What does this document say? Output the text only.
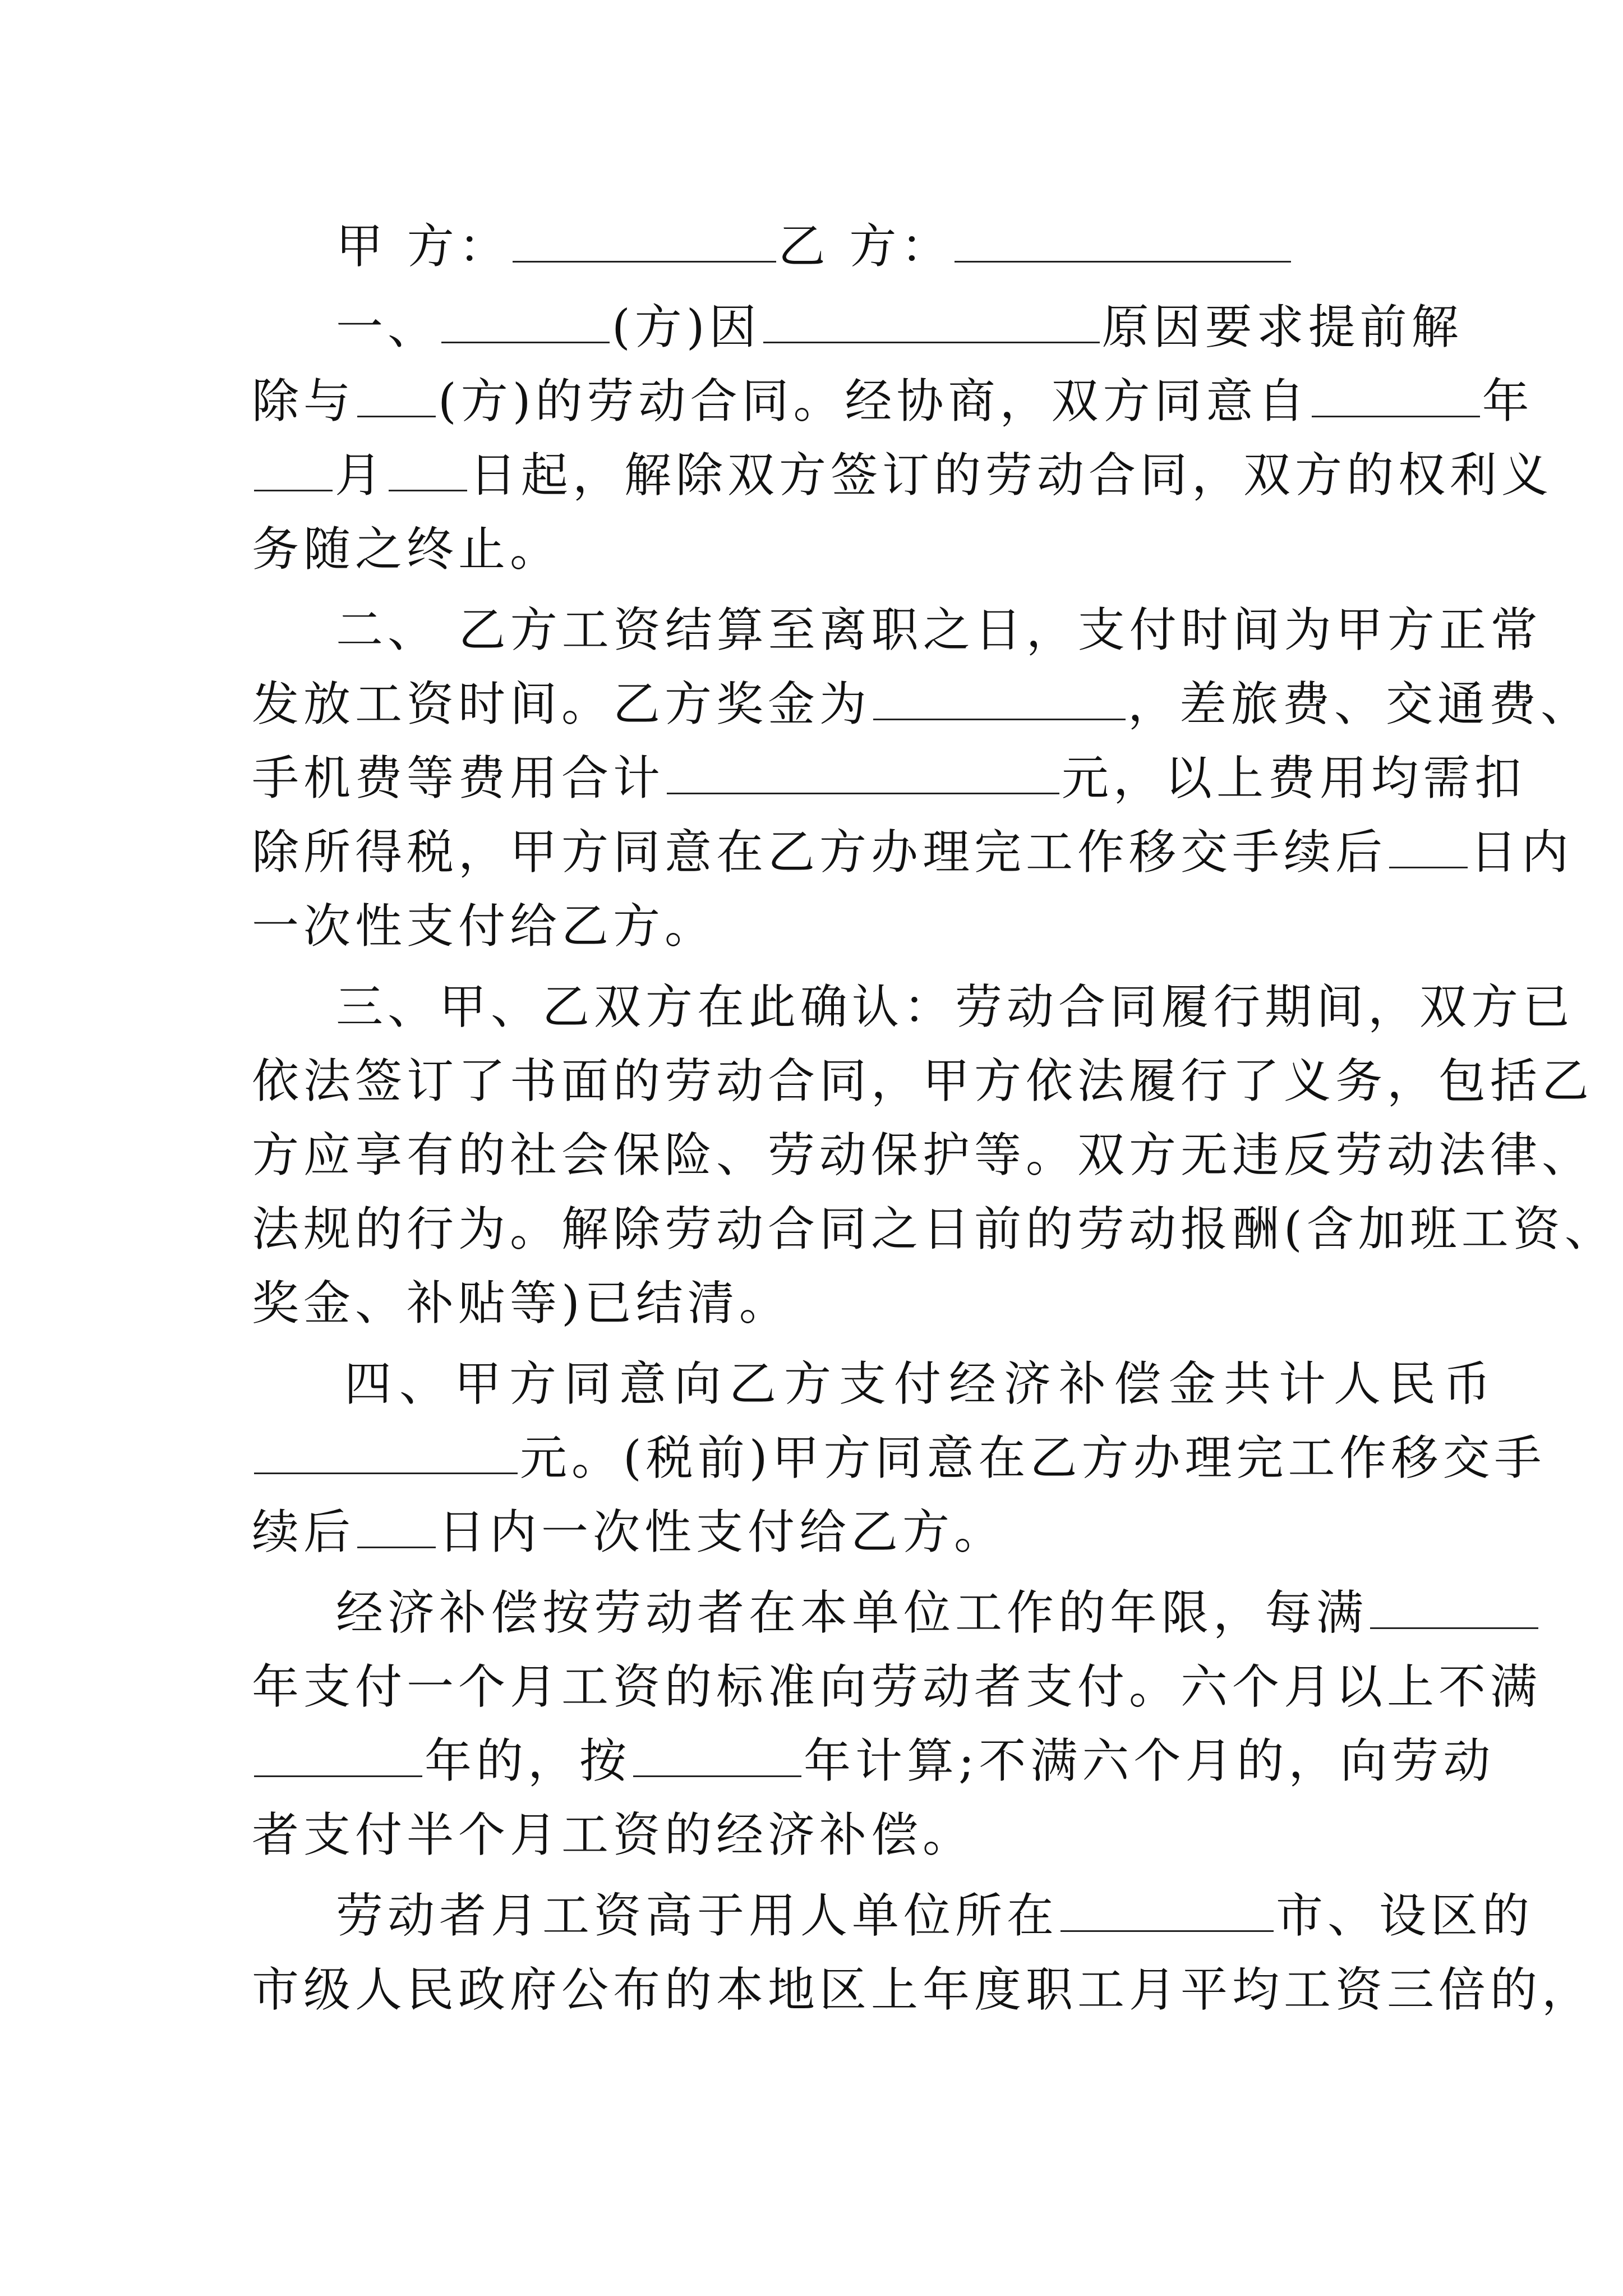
甲 方：	乙 方：
一、	(方)因	原因要求提前解
除与 (方)的劳动合同。经协商，双方同意自	年
月 日起，解除双方签订的劳动合同，双方的权利义
务随之终止。
二、 乙方工资结算至离职之日，支付时间为甲方正常
发放工资时间。乙方奖金为	，差旅费、交通费、
手机费等费用合计	元，以上费用均需扣
除所得税，甲方同意在乙方办理完工作移交手续后 日内
一次性支付给乙方。
三、甲、乙双方在此确认：劳动合同履行期间，双方已
依法签订了书面的劳动合同，甲方依法履行了义务，包括乙
方应享有的社会保险、劳动保护等。双方无违反劳动法律、
法规的行为。解除劳动合同之日前的劳动报酬(含加班工资、
奖金、补贴等)已结清。
四、甲方同意向乙方支付经济补偿金共计人民币
元。(税前)甲方同意在乙方办理完工作移交手
续后 日内一次性支付给乙方。
经济补偿按劳动者在本单位工作的年限，每满
年支付一个月工资的标准向劳动者支付。六个月以上不满
年的，按	年计算;不满六个月的，向劳动
者支付半个月工资的经济补偿。
劳动者月工资高于用人单位所在	市、设区的
市级人民政府公布的本地区上年度职工月平均工资三倍的，
